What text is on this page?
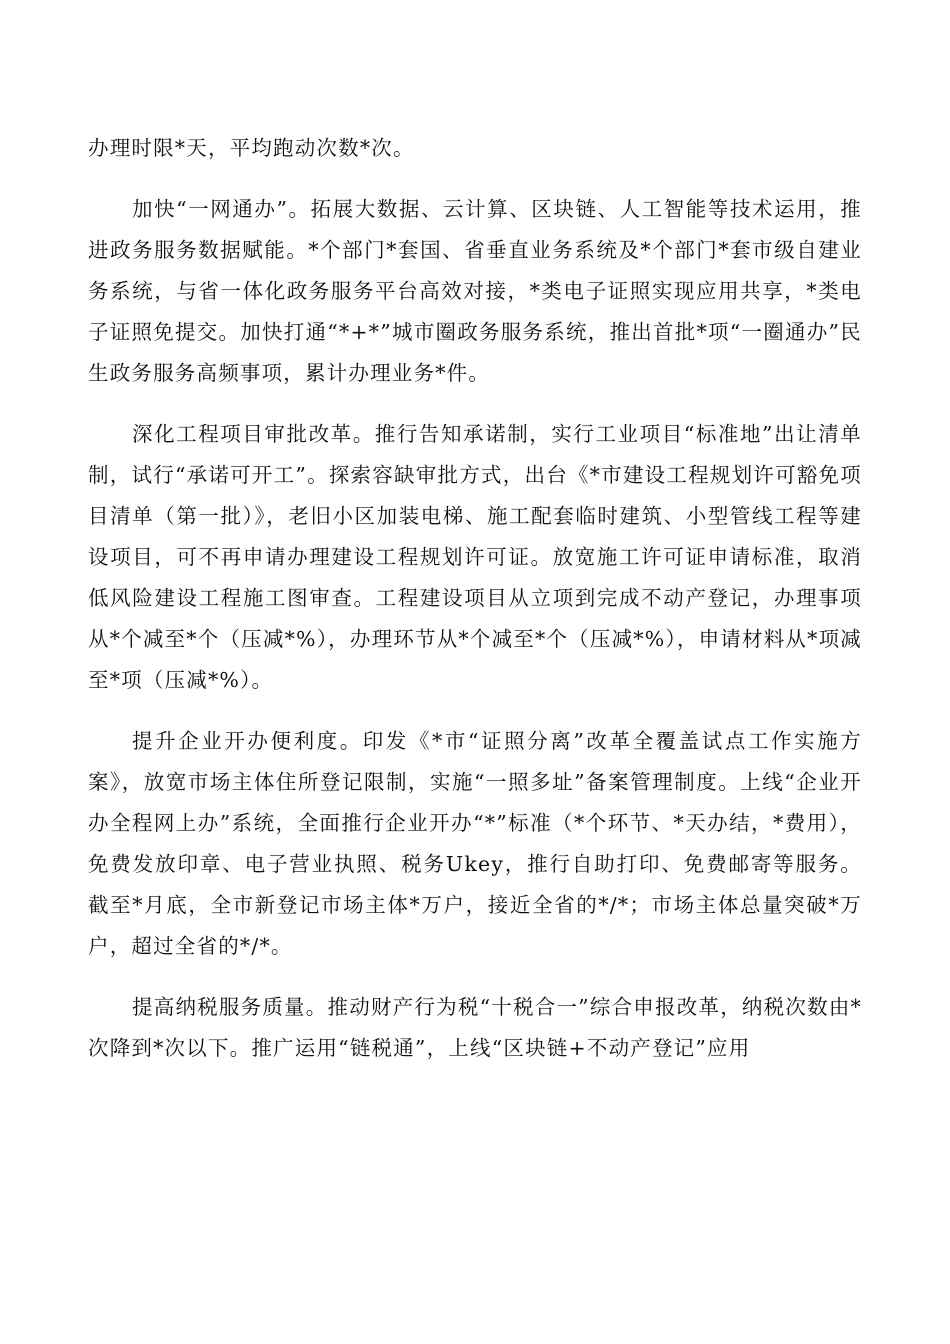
办理时限*天，平均跑动次数*次。

加快“一网通办”。拓展大数据、云计算、区块链、人工智能等技术运用，推进政务服务数据赋能。*个部门*套国、省垂直业务系统及*个部门*套市级自建业务系统，与省一体化政务服务平台高效对接，*类电子证照实现应用共享，*类电子证照免提交。加快打通“*+*”城市圈政务服务系统，推出首批*项“一圈通办”民生政务服务高频事项，累计办理业务*件。

深化工程项目审批改革。推行告知承诺制，实行工业项目“标准地”出让清单制，试行“承诺可开工”。探索容缺审批方式，出台《*市建设工程规划许可豁免项目清单（第一批）》，老旧小区加装电梯、施工配套临时建筑、小型管线工程等建设项目，可不再申请办理建设工程规划许可证。放宽施工许可证申请标准，取消低风险建设工程施工图审查。工程建设项目从立项到完成不动产登记，办理事项从*个减至*个（压减*%），办理环节从*个减至*个（压减*%），申请材料从*项减至*项（压减*%）。

提升企业开办便利度。印发《*市“证照分离”改革全覆盖试点工作实施方案》，放宽市场主体住所登记限制，实施“一照多址”备案管理制度。上线“企业开办全程网上办”系统，全面推行企业开办“*”标准（*个环节、*天办结，*费用），免费发放印章、电子营业执照、税务Ukey，推行自助打印、免费邮寄等服务。截至*月底，全市新登记市场主体*万户，接近全省的*/*；市场主体总量突破*万户，超过全省的*/*。

提高纳税服务质量。推动财产行为税“十税合一”综合申报改革，纳税次数由*次降到*次以下。推广运用“链税通”，上线“区块链+不动产登记”应用
